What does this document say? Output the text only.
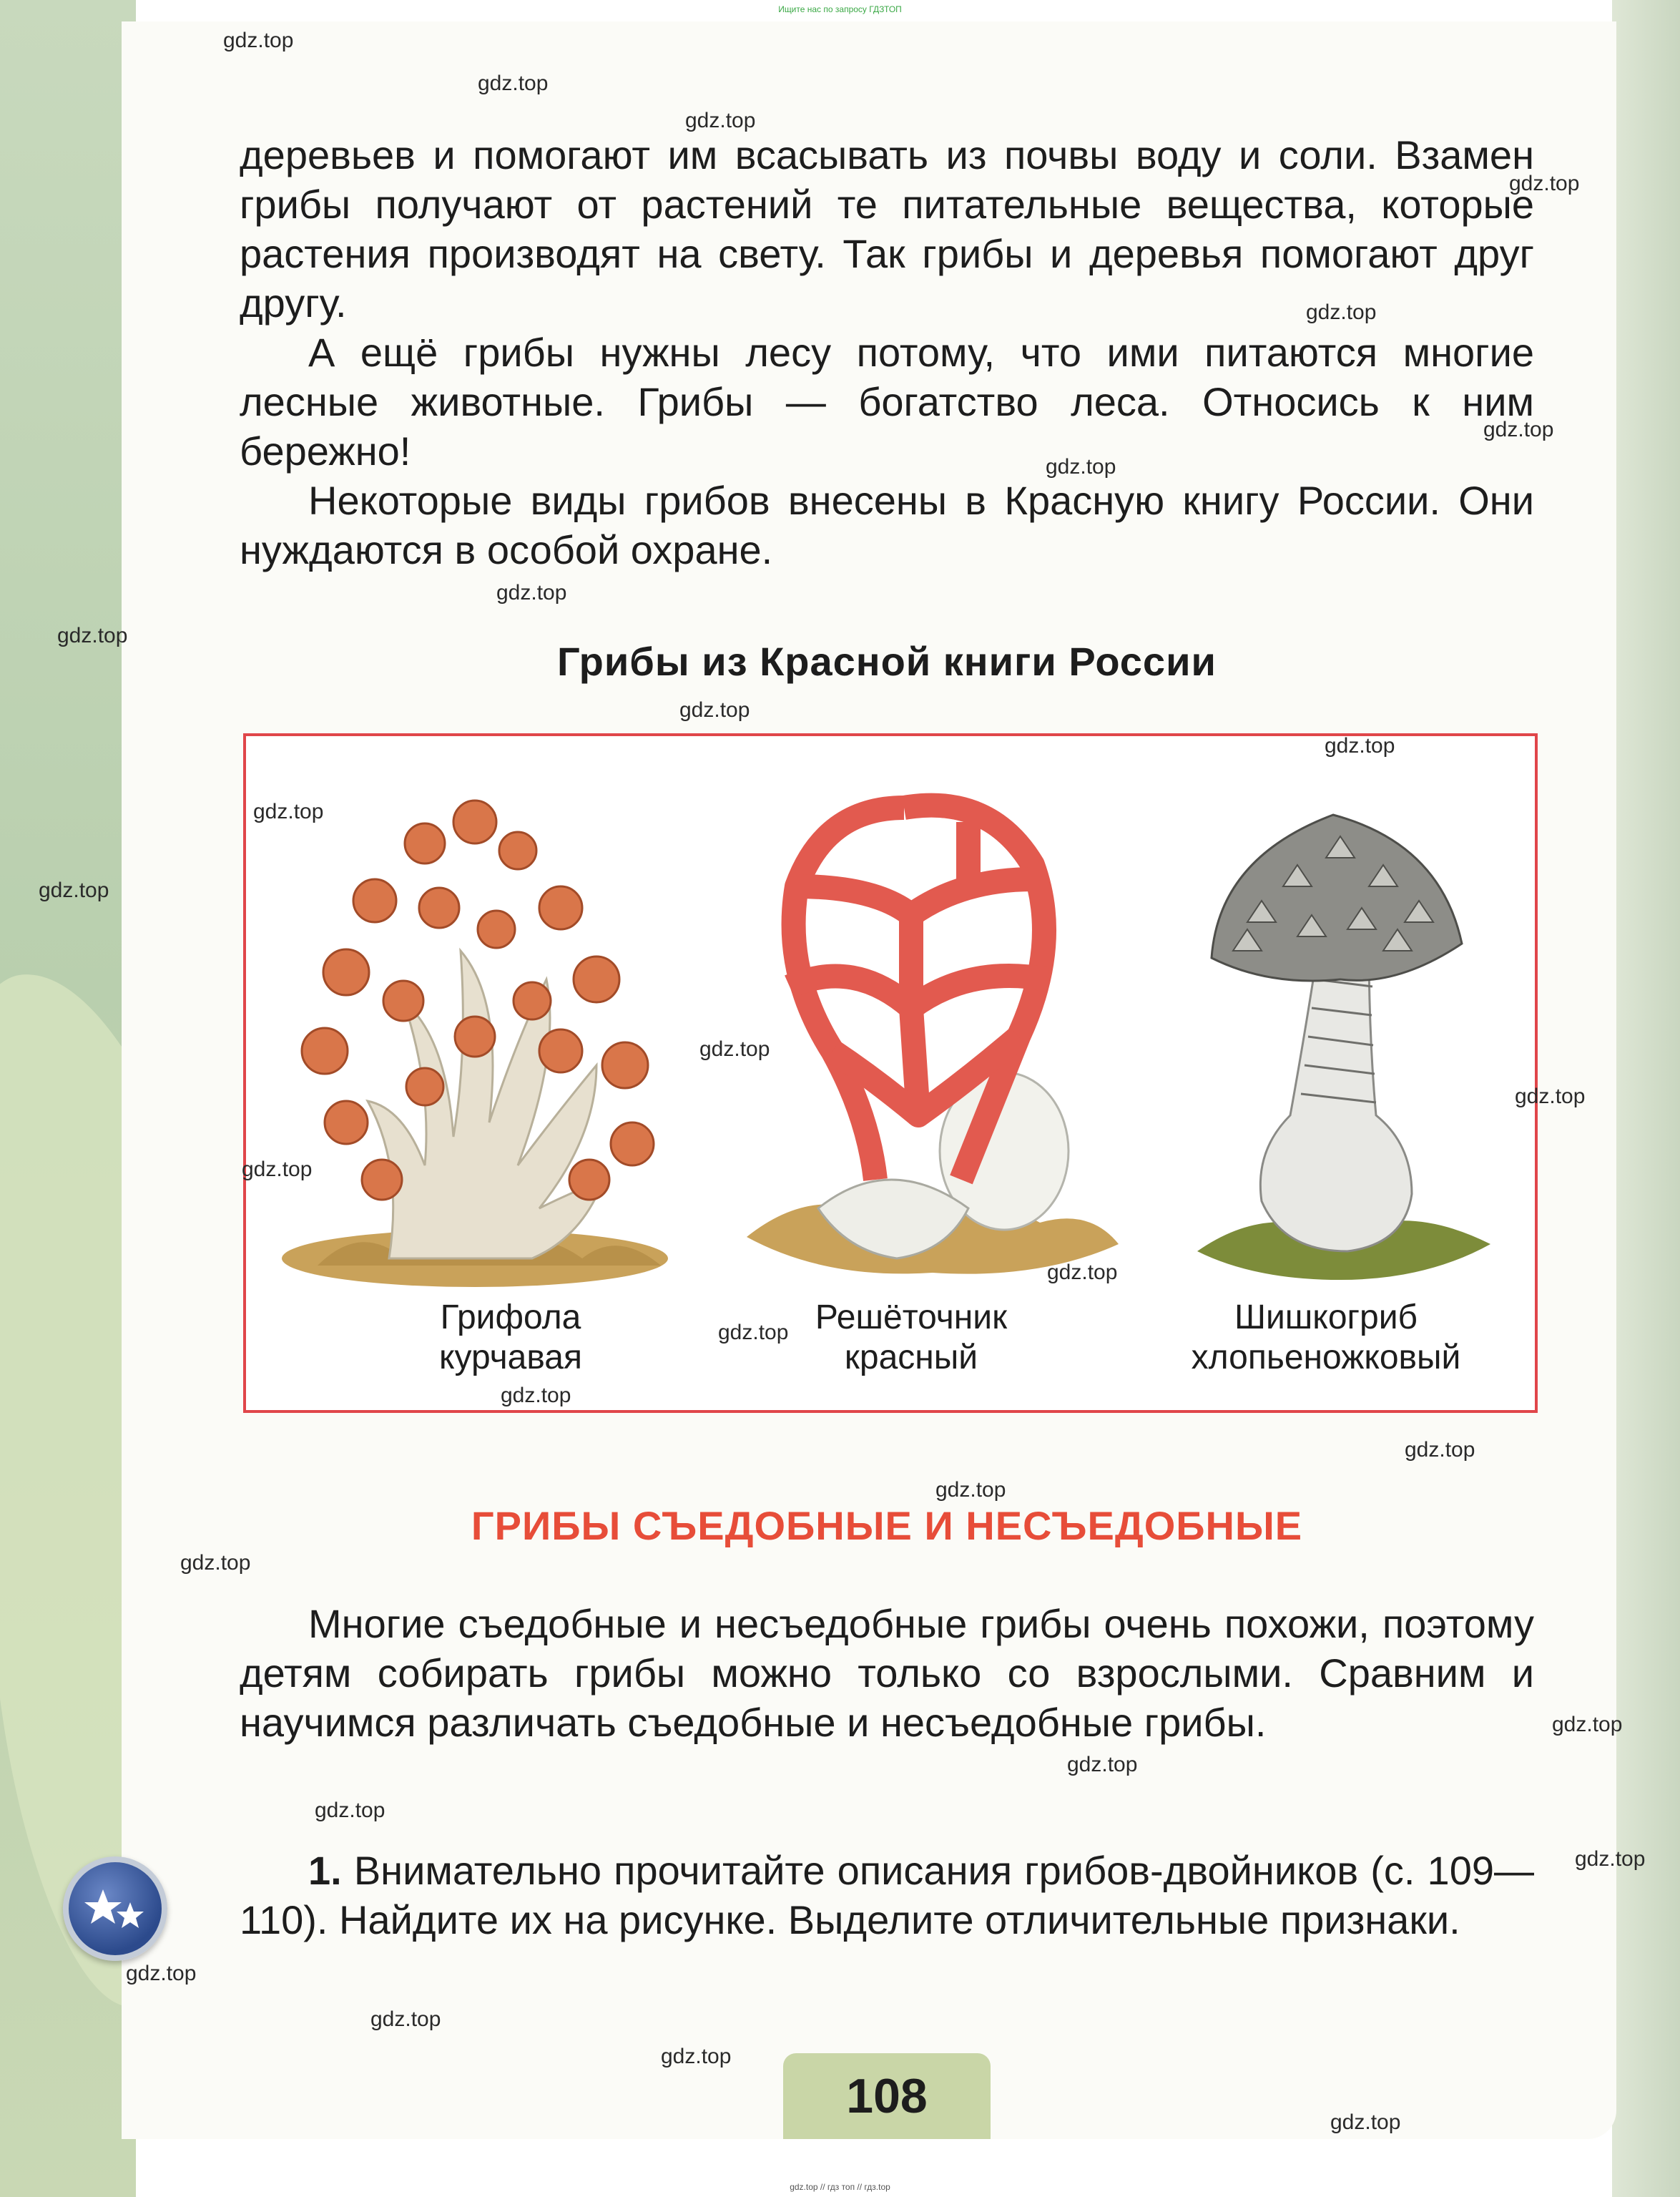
Ищите нас по запросу ГДЗТОП

деревьев и помогают им всасывать из почвы воду и соли. Взамен грибы получают от растений те питательные вещества, которые растения производят на свету. Так грибы и деревья помогают друг другу.

А ещё грибы нужны лесу потому, что ими питаются многие лесные животные. Грибы — богатство леса. Относись к ним бережно!

Некоторые виды грибов внесены в Красную книгу России. Они нуждаются в особой охране.

Грибы из Красной книги России
Грифола
курчавая
Решёточник
красный
Шишкогриб
хлопьеножковый
ГРИБЫ СЪЕДОБНЫЕ И НЕСЪЕДОБНЫЕ

Многие съедобные и несъедобные грибы очень похожи, поэтому детям собирать грибы можно только со взрослыми. Сравним и научимся различать съедобные и несъедобные грибы.

1. Внимательно прочитайте описания грибов-двойников (с. 109—110). Найдите их на рисунке. Выделите отличительные признаки.

108
gdz.top // гдз топ // гдз.top
gdz.top
gdz.top
gdz.top
gdz.top
gdz.top
gdz.top
gdz.top
gdz.top
gdz.top
gdz.top
gdz.top
gdz.top
gdz.top
gdz.top
gdz.top
gdz.top
gdz.top
gdz.top
gdz.top
gdz.top
gdz.top
gdz.top
gdz.top
gdz.top
gdz.top
gdz.top
gdz.top
gdz.top
gdz.top
gdz.top
